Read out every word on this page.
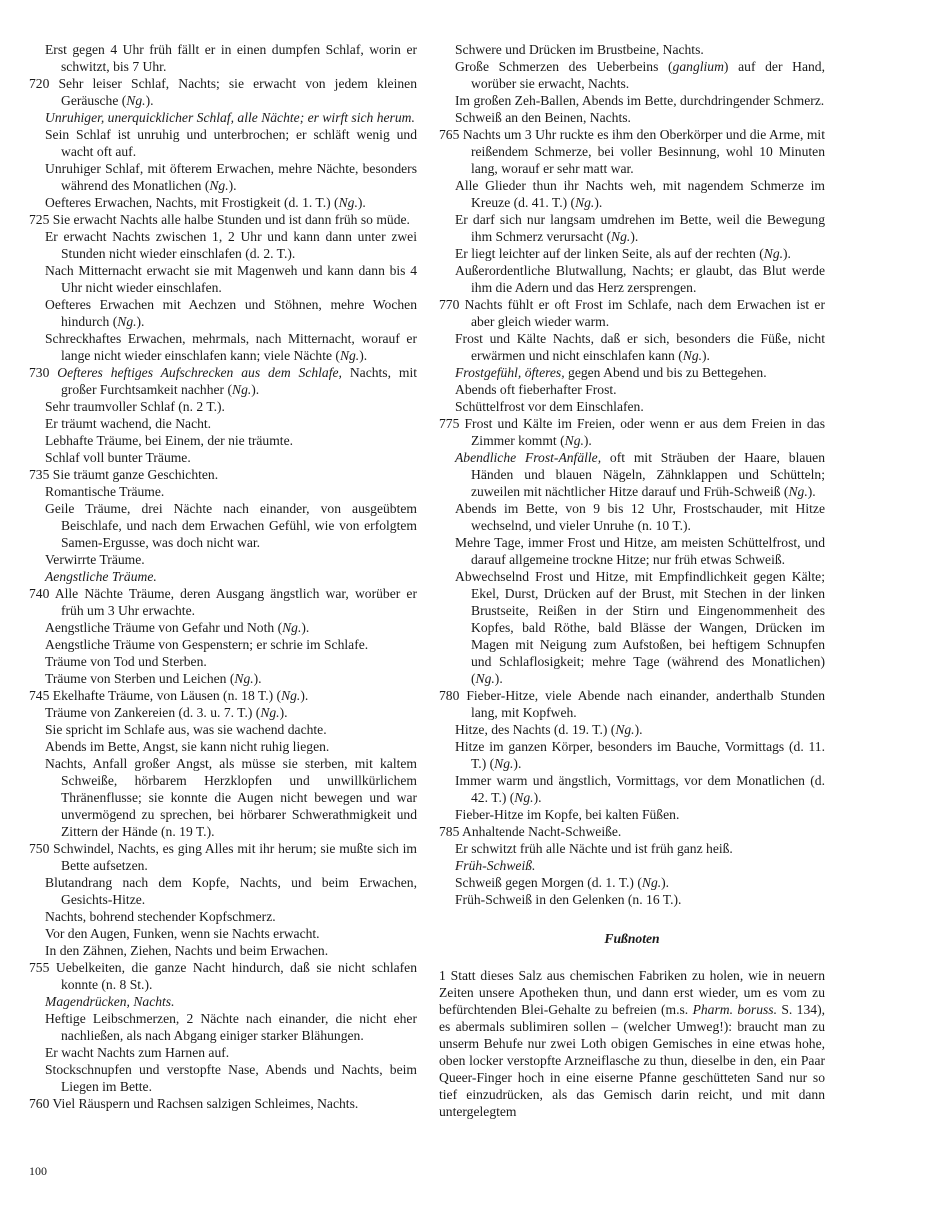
Erst gegen 4 Uhr früh fällt er in einen dumpfen Schlaf, worin er schwitzt, bis 7 Uhr.
720 Sehr leiser Schlaf, Nachts; sie erwacht von jedem kleinen Geräusche (Ng.).
Unruhiger, unerquicklicher Schlaf, alle Nächte; er wirft sich herum.
Sein Schlaf ist unruhig und unterbrochen; er schläft wenig und wacht oft auf.
Unruhiger Schlaf, mit öfterem Erwachen, mehre Nächte, besonders während des Monatlichen (Ng.).
Oefteres Erwachen, Nachts, mit Frostigkeit (d. 1. T.) (Ng.).
725 Sie erwacht Nachts alle halbe Stunden und ist dann früh so müde.
Er erwacht Nachts zwischen 1, 2 Uhr und kann dann unter zwei Stunden nicht wieder einschlafen (d. 2. T.).
Nach Mitternacht erwacht sie mit Magenweh und kann dann bis 4 Uhr nicht wieder einschlafen.
Oefteres Erwachen mit Aechzen und Stöhnen, mehre Wochen hindurch (Ng.).
Schreckhaftes Erwachen, mehrmals, nach Mitternacht, worauf er lange nicht wieder einschlafen kann; viele Nächte (Ng.).
730 Oefteres heftiges Aufschrecken aus dem Schlafe, Nachts, mit großer Furchtsamkeit nachher (Ng.).
Sehr traumvoller Schlaf (n. 2 T.).
Er träumt wachend, die Nacht.
Lebhafte Träume, bei Einem, der nie träumte.
Schlaf voll bunter Träume.
735 Sie träumt ganze Geschichten.
Romantische Träume.
Geile Träume, drei Nächte nach einander, von ausgeübtem Beischlafe, und nach dem Erwachen Gefühl, wie von erfolgtem Samen-Ergusse, was doch nicht war.
Verwirrte Träume.
Aengstliche Träume.
740 Alle Nächte Träume, deren Ausgang ängstlich war, worüber er früh um 3 Uhr erwachte.
Aengstliche Träume von Gefahr und Noth (Ng.).
Aengstliche Träume von Gespenstern; er schrie im Schlafe.
Träume von Tod und Sterben.
Träume von Sterben und Leichen (Ng.).
745 Ekelhafte Träume, von Läusen (n. 18 T.) (Ng.).
Träume von Zankereien (d. 3. u. 7. T.) (Ng.).
Sie spricht im Schlafe aus, was sie wachend dachte.
Abends im Bette, Angst, sie kann nicht ruhig liegen.
Nachts, Anfall großer Angst, als müsse sie sterben, mit kaltem Schweiße, hörbarem Herzklopfen und unwillkürlichem Thränenflusse; sie konnte die Augen nicht bewegen und war unvermögend zu sprechen, bei hörbarer Schwerathmigkeit und Zittern der Hände (n. 19 T.).
750 Schwindel, Nachts, es ging Alles mit ihr herum; sie mußte sich im Bette aufsetzen.
Blutandrang nach dem Kopfe, Nachts, und beim Erwachen, Gesichts-Hitze.
Nachts, bohrend stechender Kopfschmerz.
Vor den Augen, Funken, wenn sie Nachts erwacht.
In den Zähnen, Ziehen, Nachts und beim Erwachen.
755 Uebelkeiten, die ganze Nacht hindurch, daß sie nicht schlafen konnte (n. 8 St.).
Magendrücken, Nachts.
Heftige Leibschmerzen, 2 Nächte nach einander, die nicht eher nachließen, als nach Abgang einiger starker Blähungen.
Er wacht Nachts zum Harnen auf.
Stockschnupfen und verstopfte Nase, Abends und Nachts, beim Liegen im Bette.
760 Viel Räuspern und Rachsen salzigen Schleimes, Nachts.
Schwere und Drücken im Brustbeine, Nachts.
Große Schmerzen des Ueberbeins (ganglium) auf der Hand, worüber sie erwacht, Nachts.
Im großen Zeh-Ballen, Abends im Bette, durchdringender Schmerz.
Schweiß an den Beinen, Nachts.
765 Nachts um 3 Uhr ruckte es ihm den Oberkörper und die Arme, mit reißendem Schmerze, bei voller Besinnung, wohl 10 Minuten lang, worauf er sehr matt war.
Alle Glieder thun ihr Nachts weh, mit nagendem Schmerze im Kreuze (d. 41. T.) (Ng.).
Er darf sich nur langsam umdrehen im Bette, weil die Bewegung ihm Schmerz verursacht (Ng.).
Er liegt leichter auf der linken Seite, als auf der rechten (Ng.).
Außerordentliche Blutwallung, Nachts; er glaubt, das Blut werde ihm die Adern und das Herz zersprengen.
770 Nachts fühlt er oft Frost im Schlafe, nach dem Erwachen ist er aber gleich wieder warm.
Frost und Kälte Nachts, daß er sich, besonders die Füße, nicht erwärmen und nicht einschlafen kann (Ng.).
Frostgefühl, öfteres, gegen Abend und bis zu Bettegehen.
Abends oft fieberhafter Frost.
Schüttelfrost vor dem Einschlafen.
775 Frost und Kälte im Freien, oder wenn er aus dem Freien in das Zimmer kommt (Ng.).
Abendliche Frost-Anfälle, oft mit Sträuben der Haare, blauen Händen und blauen Nägeln, Zähnklappen und Schütteln; zuweilen mit nächtlicher Hitze darauf und Früh-Schweiß (Ng.).
Abends im Bette, von 9 bis 12 Uhr, Frostschauder, mit Hitze wechselnd, und vieler Unruhe (n. 10 T.).
Mehre Tage, immer Frost und Hitze, am meisten Schüttelfrost, und darauf allgemeine trockne Hitze; nur früh etwas Schweiß.
Abwechselnd Frost und Hitze, mit Empfindlichkeit gegen Kälte; Ekel, Durst, Drücken auf der Brust, mit Stechen in der linken Brustseite, Reißen in der Stirn und Eingenommenheit des Kopfes, bald Röthe, bald Blässe der Wangen, Drücken im Magen mit Neigung zum Aufstoßen, bei heftigem Schnupfen und Schlaflosigkeit; mehre Tage (während des Monatlichen) (Ng.).
780 Fieber-Hitze, viele Abende nach einander, anderthalb Stunden lang, mit Kopfweh.
Hitze, des Nachts (d. 19. T.) (Ng.).
Hitze im ganzen Körper, besonders im Bauche, Vormittags (d. 11. T.) (Ng.).
Immer warm und ängstlich, Vormittags, vor dem Monatlichen (d. 42. T.) (Ng.).
Fieber-Hitze im Kopfe, bei kalten Füßen.
785 Anhaltende Nacht-Schweiße.
Er schwitzt früh alle Nächte und ist früh ganz heiß.
Früh-Schweiß.
Schweiß gegen Morgen (d. 1. T.) (Ng.).
Früh-Schweiß in den Gelenken (n. 16 T.).
Fußnoten
1 Statt dieses Salz aus chemischen Fabriken zu holen, wie in neuern Zeiten unsere Apotheken thun, und dann erst wieder, um es vom zu befürchtenden Blei-Gehalte zu befreien (m.s. Pharm. boruss. S. 134), es abermals sublimiren sollen – (welcher Umweg!): braucht man zu unserm Behufe nur zwei Loth obigen Gemisches in eine etwas hohe, oben locker verstopfte Arzneiflasche zu thun, dieselbe in den, ein Paar Queer-Finger hoch in eine eiserne Pfanne geschütteten Sand nur so tief einzudrücken, als das Gemisch darin reicht, und mit dann untergelegtem
100
